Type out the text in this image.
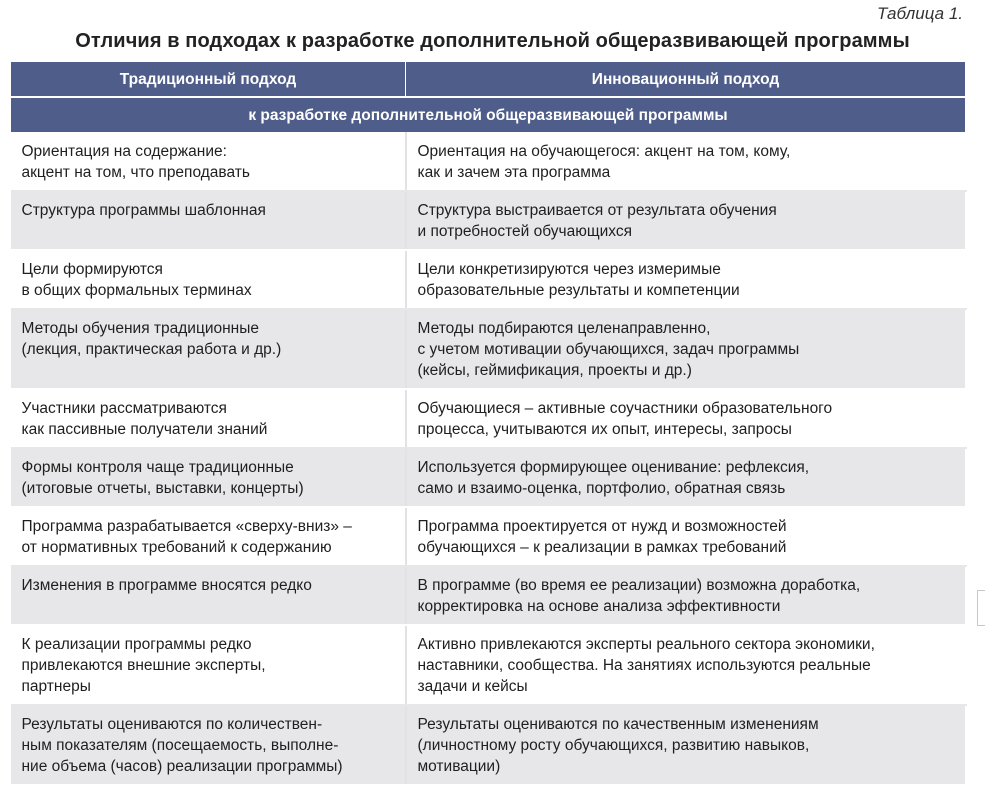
Таблица 1.
Отличия в подходах к разработке дополнительной общеразвивающей программы
Традиционный подход	Инновационный подход
к разработке дополнительной общеразвивающей программы	

Ориентация на содержание:
акцент на том, что преподавать	Ориентация на обучающегося: акцент на том, кому,
как и зачем эта программа

Структура программы шаблонная	Структура выстраивается от результата обучения
и потребностей обучающихся

Цели формируются
в общих формальных терминах	Цели конкретизируются через измеримые
образовательные результаты и компетенции

Методы обучения традиционные
(лекция, практическая работа и др.)	Методы подбираются целенаправленно,
с учетом мотивации обучающихся, задач программы
(кейсы, геймификация, проекты и др.)

Участники рассматриваются
как пассивные получатели знаний	Обучающиеся – активные соучастники образовательного
процесса, учитываются их опыт, интересы, запросы

Формы контроля чаще традиционные
(итоговые отчеты, выставки, концерты)	Используется формирующее оценивание: рефлексия,
само и взаимо-оценка, портфолио, обратная связь

Программа разрабатывается «сверху-вниз» –
от нормативных требований к содержанию	Программа проектируется от нужд и возможностей
обучающихся – к реализации в рамках требований

Изменения в программе вносятся редко	В программе (во время ее реализации) возможна доработка,
корректировка на основе анализа эффективности

К реализации программы редко
привлекаются внешние эксперты,
партнеры	Активно привлекаются эксперты реального сектора экономики,
наставники, сообщества. На занятиях используются реальные
задачи и кейсы

Результаты оцениваются по количествен-
ным показателям (посещаемость, выполне-
ние объема (часов) реализации программы)	Результаты оцениваются по качественным изменениям
(личностному росту обучающихся, развитию навыков,
мотивации)
